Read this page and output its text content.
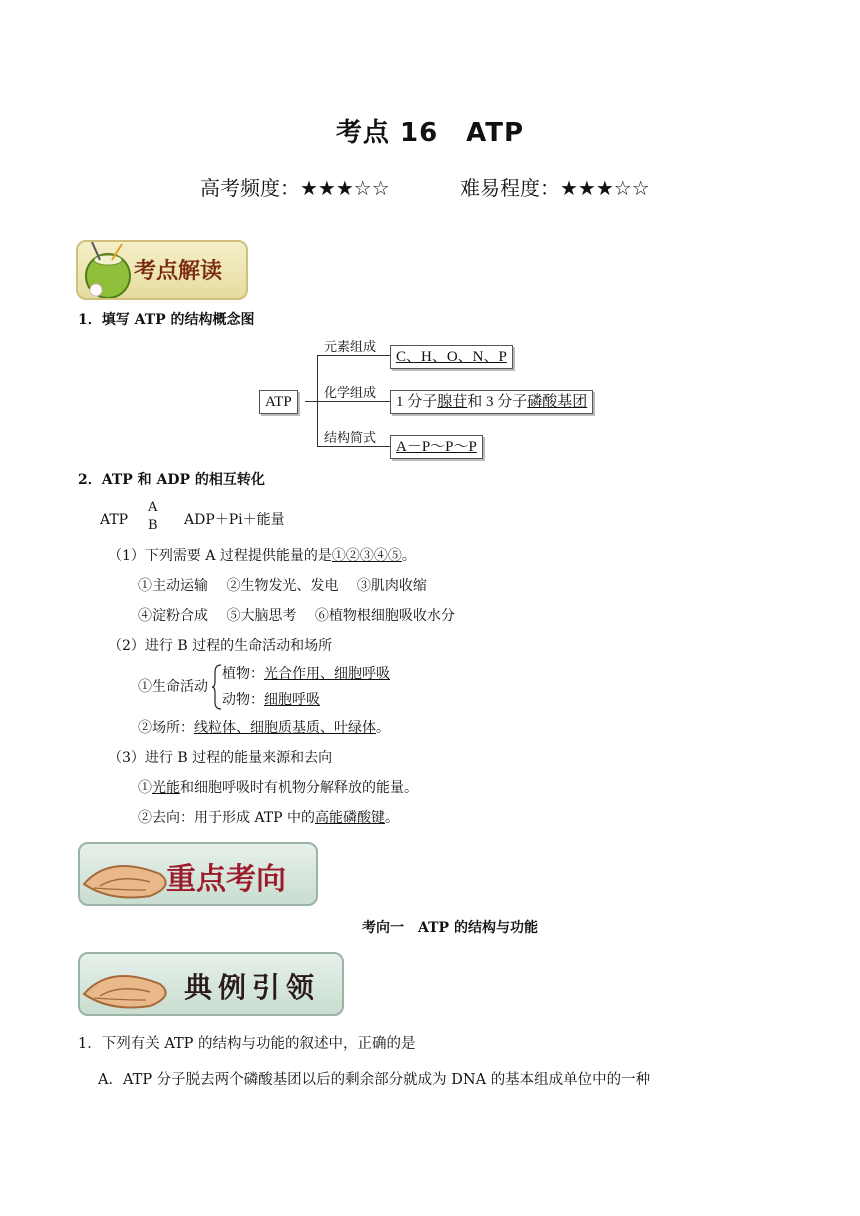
考点 16 ATP
高考频度：★★★☆☆	难易程度：★★★☆☆
考点解读
1．填写 ATP 的结构概念图
ATP
元素组成
化学组成
结构简式
C、H、O、N、P
1 分子腺苷和 3 分子磷酸基团
A－P～P～P
2．ATP 和 ADP 的相互转化
ATP
A
B ADP＋Pi＋能量
（1）下列需要 A 过程提供能量的是①②③④⑤。
①主动运输　 ②生物发光、发电　 ③肌肉收缩
④淀粉合成　 ⑤大脑思考　 ⑥植物根细胞吸收水分
（2）进行 B 过程的生命活动和场所
①生命活动
植物：光合作用、细胞呼吸
动物：细胞呼吸
②场所：线粒体、细胞质基质、叶绿体。
（3）进行 B 过程的能量来源和去向
①光能和细胞呼吸时有机物分解释放的能量。
②去向：用于形成 ATP 中的高能磷酸键。
重点考向
考向一　ATP 的结构与功能
典例引领
1．下列有关 ATP 的结构与功能的叙述中，正确的是
A．ATP 分子脱去两个磷酸基团以后的剩余部分就成为 DNA 的基本组成单位中的一种
